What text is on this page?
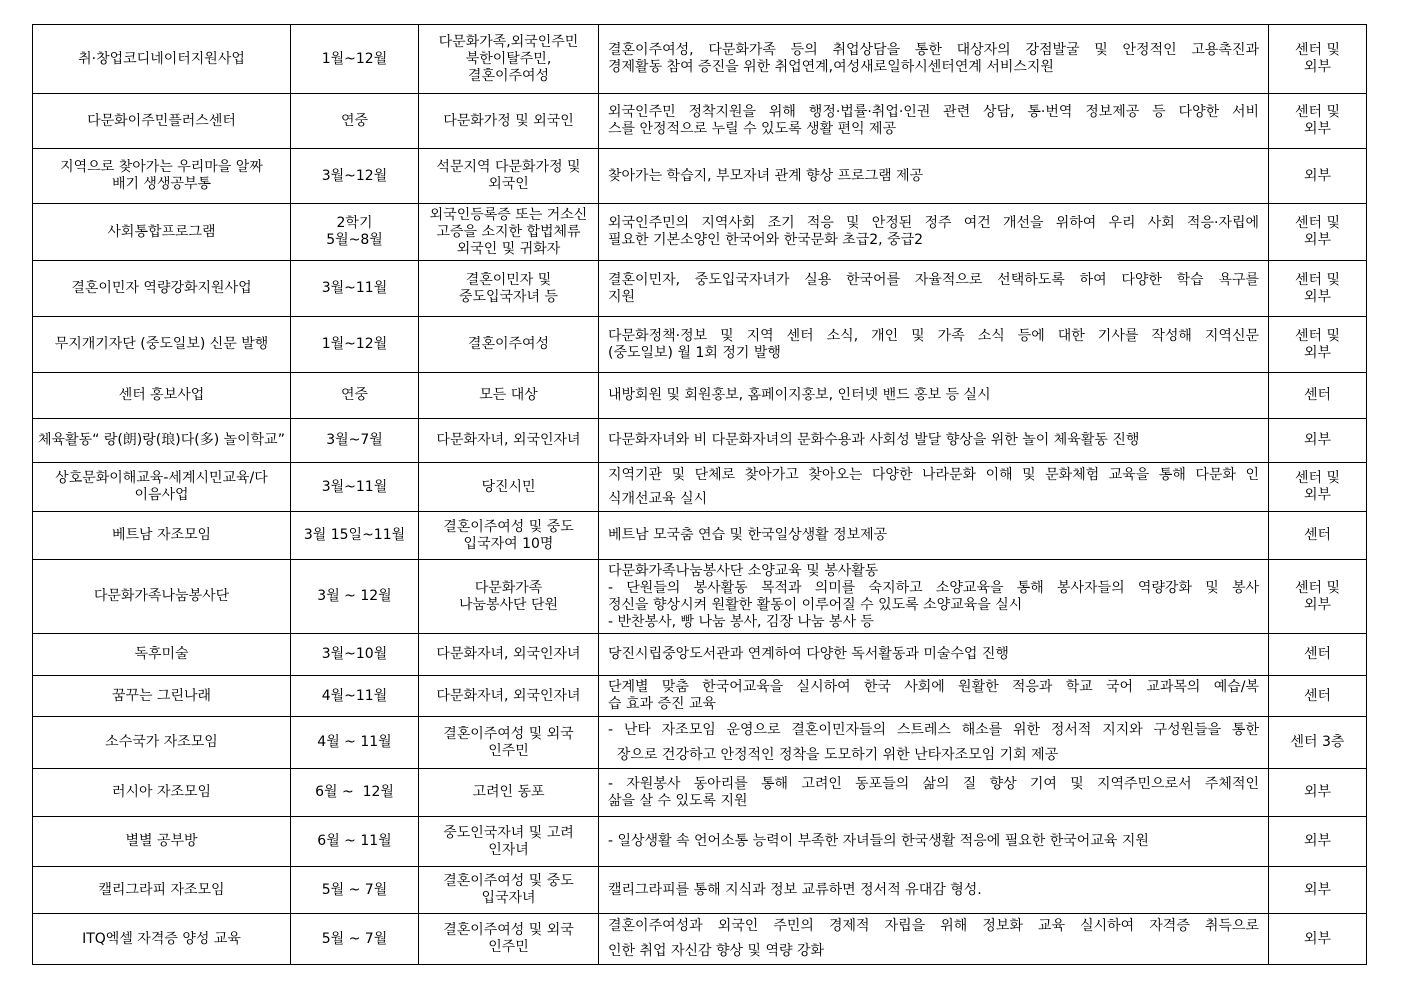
취·창업코디네이터지원사업	1월~12월	다문화가족,외국인주민
북한이탈주민,
결혼이주여성	결혼이주여성, 다문화가족 등의 취업상담을 통한 대상자의 강점발굴 및 안정적인 고용촉진과
경제활동 참여 증진을 위한 취업연계,여성새로일하시센터연계 서비스지원	센터 및
외부

다문화이주민플러스센터	연중	다문화가정 및 외국인	외국인주민 정착지원을 위해 행정·법률·취업·인권 관련 상담, 통·번역 정보제공 등 다양한 서비
스를 안정적으로 누릴 수 있도록 생활 편익 제공	센터 및
외부

지역으로 찾아가는 우리마을 알짜
배기 생생공부통	3월~12월	석문지역 다문화가정 및
외국인	찾아가는 학습지, 부모자녀 관계 향상 프로그램 제공	외부

사회통합프로그램	2학기
5월~8월	외국인등록증 또는 거소신
고증을 소지한 합법체류
외국인 및 귀화자	외국인주민의 지역사회 조기 적응 및 안정된 정주 여건 개선을 위하여 우리 사회 적응·자립에
필요한 기본소양인 한국어와 한국문화 초급2, 중급2	센터 및
외부

결혼이민자 역량강화지원사업	3월~11월	결혼이민자 및
중도입국자녀 등	결혼이민자, 중도입국자녀가 실용 한국어를 자율적으로 선택하도록 하여 다양한 학습 욕구를
지원	센터 및
외부

무지개기자단 (중도일보) 신문 발행	1월~12월	결혼이주여성	다문화정책·정보 및 지역 센터 소식, 개인 및 가족 소식 등에 대한 기사를 작성해 지역신문
(중도일보) 월 1회 정기 발행	센터 및
외부

센터 홍보사업	연중	모든 대상	내방회원 및 회원홍보, 홈페이지홍보, 인터넷 밴드 홍보 등 실시	센터

체육활동“ 랑(朗)랑(琅)다(多) 놀이학교”	3월~7월	다문화자녀, 외국인자녀	다문화자녀와 비 다문화자녀의 문화수용과 사회성 발달 향상을 위한 놀이 체육활동 진행	외부

상호문화이해교육-세계시민교육/다
이음사업	3월~11월	당진시민	지역기관 및 단체로 찾아가고 찾아오는 다양한 나라문화 이해 및 문화체험 교육을 통해 다문화 인
식개선교육 실시	센터 및
외부

베트남 자조모임	3월 15일~11월	결혼이주여성 및 중도
입국자여 10명	베트남 모국춤 연습 및 한국일상생활 정보제공	센터

다문화가족나눔봉사단	3월 ~ 12월	다문화가족
나눔봉사단 단원	다문화가족나눔봉사단 소양교육 및 봉사활동
- 단원들의 봉사활동 목적과 의미를 숙지하고 소양교육을 통해 봉사자들의 역량강화 및 봉사
정신을 향상시켜 원활한 활동이 이루어질 수 있도록 소양교육을 실시
- 반찬봉사, 빵 나눔 봉사, 김장 나눔 봉사 등	센터 및
외부

독후미술	3월~10월	다문화자녀, 외국인자녀	당진시립중앙도서관과 연계하여 다양한 독서활동과 미술수업 진행	센터

꿈꾸는 그린나래	4월~11월	다문화자녀, 외국인자녀	단계별 맞춤 한국어교육을 실시하여 한국 사회에 원활한 적응과 학교 국어 교과목의 예습/복
습 효과 증진 교육	센터

소수국가 자조모임	4월 ~ 11월	결혼이주여성 및 외국
인주민	- 난타 자조모임 운영으로 결혼이민자들의 스트레스 해소를 위한 정서적 지지와 구성원들을 통한
장으로 건강하고 안정적인 정착을 도모하기 위한 난타자조모임 기회 제공	센터 3층

러시아 자조모임	6월 ~  12월	고려인 동포	- 자원봉사 동아리를 통해 고려인 동포들의 삶의 질 향상 기여 및 지역주민으로서 주체적인
삶을 살 수 있도록 지원	외부

별별 공부방	6월 ~ 11월	중도인국자녀 및 고려
인자녀	- 일상생활 속 언어소통 능력이 부족한 자녀들의 한국생활 적응에 필요한 한국어교육 지원	외부

캘리그라피 자조모임	5월 ~ 7월	결혼이주여성 및 중도
입국자녀	캘리그라피를 통해 지식과 정보 교류하면 정서적 유대감 형성.	외부

ITQ엑셀 자격증 양성 교육	5월 ~ 7월	결혼이주여성 및 외국
인주민	결혼이주여성과 외국인 주민의 경제적 자립을 위해 정보화 교육 실시하여 자격증 취득으로
인한 취업 자신감 향상 및 역량 강화	외부
